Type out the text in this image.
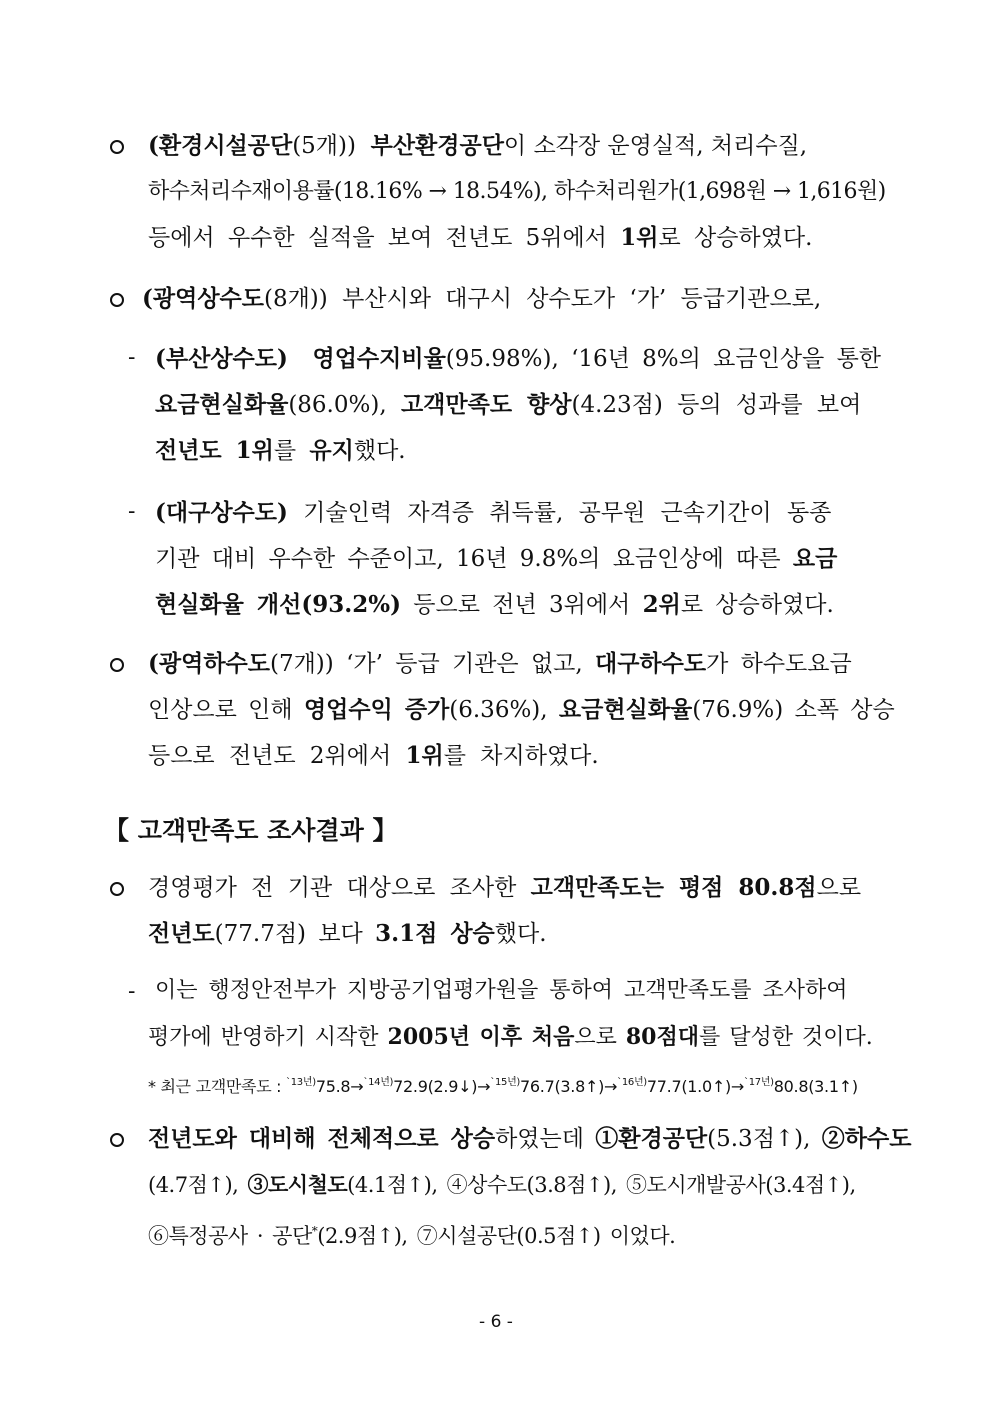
(환경시설공단(5개)) 부산환경공단이 소각장 운영실적, 처리수질,
하수처리수재이용률(18.16% → 18.54%), 하수처리원가(1,698원 → 1,616원)
등에서 우수한 실적을 보여 전년도 5위에서 1위로 상승하였다.
(광역상수도(8개)) 부산시와 대구시 상수도가 ‘가’ 등급기관으로,
- (부산상수도) 영업수지비율(95.98%), ‘16년 8%의 요금인상을 통한
요금현실화율(86.0%), 고객만족도 향상(4.23점) 등의 성과를 보여
전년도 1위를 유지했다.
- (대구상수도) 기술인력 자격증 취득률, 공무원 근속기간이 동종
기관 대비 우수한 수준이고, 16년 9.8%의 요금인상에 따른 요금
현실화율 개선(93.2%) 등으로 전년 3위에서 2위로 상승하였다.
(광역하수도(7개)) ‘가’ 등급 기관은 없고, 대구하수도가 하수도요금
인상으로 인해 영업수익 증가(6.36%), 요금현실화율(76.9%) 소폭 상승
등으로 전년도 2위에서 1위를 차지하였다.
【 고객만족도 조사결과 】
경영평가 전 기관 대상으로 조사한 고객만족도는 평점 80.8점으로
전년도(77.7점) 보다 3.1점 상승했다.
- 이는 행정안전부가 지방공기업평가원을 통하여 고객만족도를 조사하여
평가에 반영하기 시작한 2005년 이후 처음으로 80점대를 달성한 것이다.
* 최근 고객만족도 : $^{`13년)}$75.8→$^{`14년)}$72.9(2.9↓)→$^{`15년)}$76.7(3.8↑)→$^{`16년)}$77.7(1.0↑)→$^{`17년)}$80.8(3.1↑)
전년도와 대비해 전체적으로 상승하였는데 ①환경공단(5.3점↑), ②하수도
(4.7점↑), ③도시철도(4.1점↑), ④상수도(3.8점↑), ⑤도시개발공사(3.4점↑),
⑥특정공사 · 공단*(2.9점↑), ⑦시설공단(0.5점↑) 이었다.
- 6 -
